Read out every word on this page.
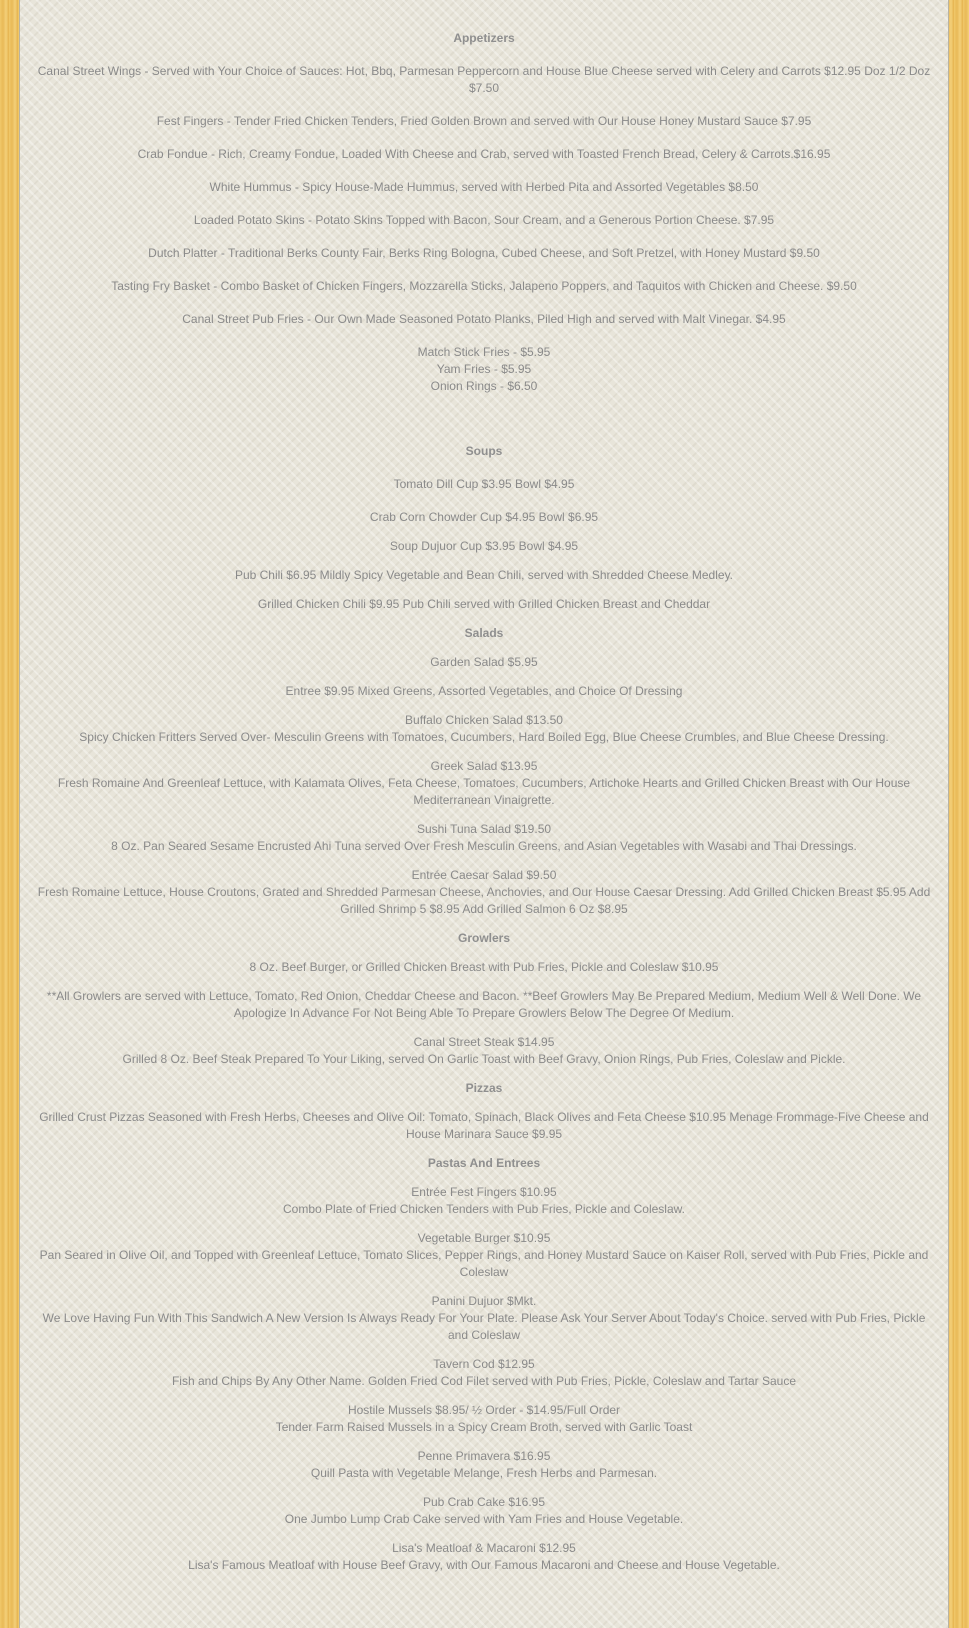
Appetizers

Canal Street Wings - Served with Your Choice of Sauces: Hot, Bbq, Parmesan Peppercorn and House Blue Cheese served with Celery and Carrots $12.95 Doz 1/2 Doz $7.50

Fest Fingers - Tender Fried Chicken Tenders, Fried Golden Brown and served with Our House Honey Mustard Sauce $7.95

Crab Fondue - Rich, Creamy Fondue, Loaded With Cheese and Crab, served with Toasted French Bread, Celery & Carrots.$16.95

White Hummus - Spicy House-Made Hummus, served with Herbed Pita and Assorted Vegetables $8.50

Loaded Potato Skins - Potato Skins Topped with Bacon, Sour Cream, and a Generous Portion Cheese. $7.95

Dutch Platter - Traditional Berks County Fair, Berks Ring Bologna, Cubed Cheese, and Soft Pretzel, with Honey Mustard $9.50

Tasting Fry Basket - Combo Basket of Chicken Fingers, Mozzarella Sticks, Jalapeno Poppers, and Taquitos with Chicken and Cheese. $9.50

Canal Street Pub Fries - Our Own Made Seasoned Potato Planks, Piled High and served with Malt Vinegar. $4.95

Match Stick Fries - $5.95
Yam Fries - $5.95
Onion Rings - $6.50

Soups

Tomato Dill Cup $3.95 Bowl $4.95

Crab Corn Chowder Cup $4.95 Bowl $6.95

Soup Dujuor Cup $3.95 Bowl $4.95

Pub Chili $6.95 Mildly Spicy Vegetable and Bean Chili, served with Shredded Cheese Medley.

Grilled Chicken Chili $9.95 Pub Chili served with Grilled Chicken Breast and Cheddar

Salads

Garden Salad $5.95

Entree $9.95 Mixed Greens, Assorted Vegetables, and Choice Of Dressing

Buffalo Chicken Salad $13.50
Spicy Chicken Fritters Served Over- Mesculin Greens with Tomatoes, Cucumbers, Hard Boiled Egg, Blue Cheese Crumbles, and Blue Cheese Dressing.

Greek Salad $13.95
Fresh Romaine And Greenleaf Lettuce, with Kalamata Olives, Feta Cheese, Tomatoes, Cucumbers, Artichoke Hearts and Grilled Chicken Breast with Our House Mediterranean Vinaigrette.

Sushi Tuna Salad $19.50
8 Oz. Pan Seared Sesame Encrusted Ahi Tuna served Over Fresh Mesculin Greens, and Asian Vegetables with Wasabi and Thai Dressings.

Entrée Caesar Salad $9.50
Fresh Romaine Lettuce, House Croutons, Grated and Shredded Parmesan Cheese, Anchovies, and Our House Caesar Dressing. Add Grilled Chicken Breast $5.95 Add Grilled Shrimp 5 $8.95 Add Grilled Salmon 6 Oz $8.95

Growlers

8 Oz. Beef Burger, or Grilled Chicken Breast with Pub Fries, Pickle and Coleslaw $10.95

**All Growlers are served with Lettuce, Tomato, Red Onion, Cheddar Cheese and Bacon. **Beef Growlers May Be Prepared Medium, Medium Well & Well Done. We Apologize In Advance For Not Being Able To Prepare Growlers Below The Degree Of Medium.

Canal Street Steak $14.95
Grilled 8 Oz. Beef Steak Prepared To Your Liking, served On Garlic Toast with Beef Gravy, Onion Rings, Pub Fries, Coleslaw and Pickle.

Pizzas

Grilled Crust Pizzas Seasoned with Fresh Herbs, Cheeses and Olive Oil: Tomato, Spinach, Black Olives and Feta Cheese $10.95 Menage Frommage-Five Cheese and House Marinara Sauce $9.95

Pastas And Entrees

Entrée Fest Fingers $10.95
Combo Plate of Fried Chicken Tenders with Pub Fries, Pickle and Coleslaw.

Vegetable Burger $10.95
Pan Seared in Olive Oil, and Topped with Greenleaf Lettuce, Tomato Slices, Pepper Rings, and Honey Mustard Sauce on Kaiser Roll, served with Pub Fries, Pickle and Coleslaw

Panini Dujuor $Mkt.
We Love Having Fun With This Sandwich A New Version Is Always Ready For Your Plate. Please Ask Your Server About Today's Choice. served with Pub Fries, Pickle and Coleslaw

Tavern Cod $12.95
Fish and Chips By Any Other Name. Golden Fried Cod Filet served with Pub Fries, Pickle, Coleslaw and Tartar Sauce

Hostile Mussels $8.95/ ½ Order - $14.95/Full Order
Tender Farm Raised Mussels in a Spicy Cream Broth, served with Garlic Toast

Penne Primavera $16.95
Quill Pasta with Vegetable Melange, Fresh Herbs and Parmesan.

Pub Crab Cake $16.95
One Jumbo Lump Crab Cake served with Yam Fries and House Vegetable.

Lisa's Meatloaf & Macaroni $12.95
Lisa's Famous Meatloaf with House Beef Gravy, with Our Famous Macaroni and Cheese and House Vegetable.
